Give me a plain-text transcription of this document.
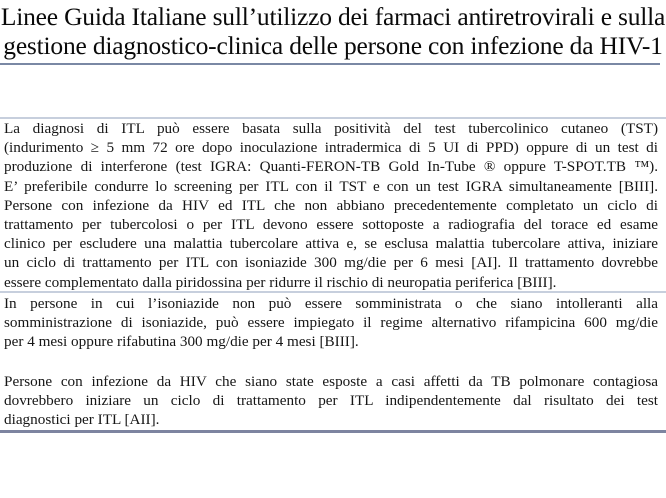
Linee Guida Italiane sull’utilizzo dei farmaci antiretrovirali e sulla
gestione diagnostico-clinica delle persone con infezione da HIV-1
La diagnosi di ITL può essere basata sulla positività del test tubercolinico cutaneo (TST)
(indurimento ≥ 5 mm 72 ore dopo inoculazione intradermica di 5 UI di PPD) oppure di un test di
produzione di interferone (test IGRA: Quanti-FERON-TB Gold In-Tube ® oppure T-SPOT.TB ™).
E’ preferibile condurre lo screening per ITL con il TST e con un test IGRA simultaneamente [BIII].
Persone con infezione da HIV ed ITL che non abbiano precedentemente completato un ciclo di
trattamento per tubercolosi o per ITL devono essere sottoposte a radiografia del torace ed esame
clinico per escludere una malattia tubercolare attiva e, se esclusa malattia tubercolare attiva, iniziare
un ciclo di trattamento per ITL con isoniazide 300 mg/die per 6 mesi [AI]. Il trattamento dovrebbe
essere complementato dalla piridossina per ridurre il rischio di neuropatia periferica [BIII].
In persone in cui l’isoniazide non può essere somministrata o che siano intolleranti alla
somministrazione di isoniazide, può essere impiegato il regime alternativo rifampicina 600 mg/die
per 4 mesi oppure rifabutina 300 mg/die per 4 mesi [BIII].
Persone con infezione da HIV che siano state esposte a casi affetti da TB polmonare contagiosa
dovrebbero iniziare un ciclo di trattamento per ITL indipendentemente dal risultato dei test
diagnostici per ITL [AII].
